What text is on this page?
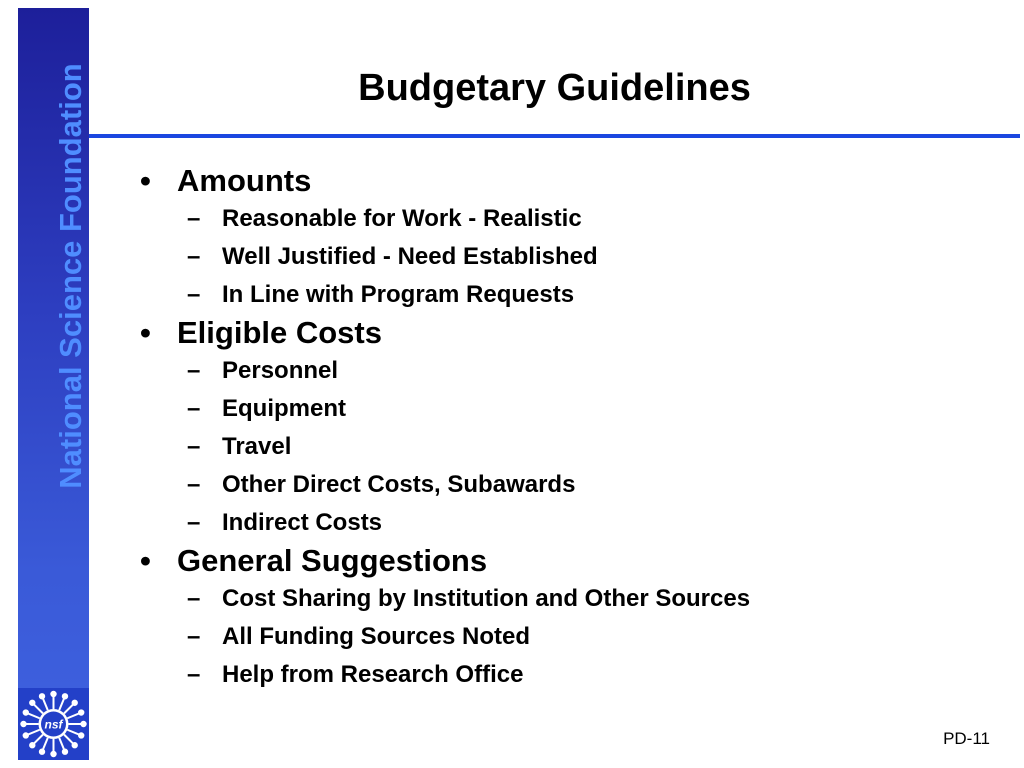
National Science Foundation
nsf
Budgetary Guidelines
• Amounts
– Reasonable for Work - Realistic
– Well Justified - Need Established
– In Line with Program Requests
• Eligible Costs
– Personnel
– Equipment
– Travel
– Other Direct Costs, Subawards
– Indirect Costs
• General Suggestions
– Cost Sharing by Institution and Other Sources
– All Funding Sources Noted
– Help from Research Office
PD-11
